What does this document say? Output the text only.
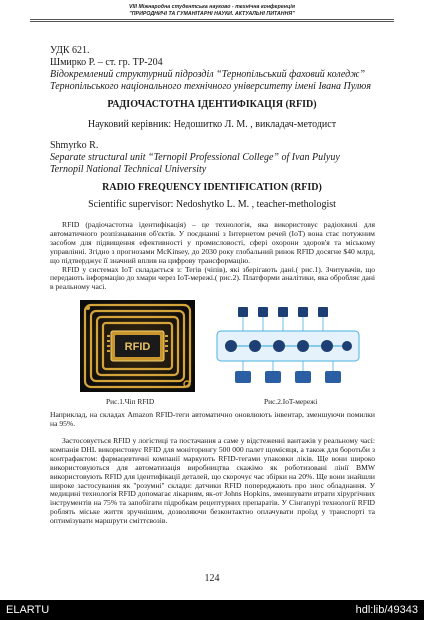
VIII Міжнародна студентська науково - технічна конференція
"ПРИРОДНИЧІ ТА ГУМАНІТАРНІ НАУКИ. АКТУАЛЬНІ ПИТАННЯ"
УДК 621.
Шмирко Р. – ст. гр. ТР-204
Відокремлений структурний підрозділ “Тернопільський фаховий коледж”
Тернопільського національного технічного університету імені Івана Пулюя
РАДІОЧАСТОТНА ІДЕНТИФІКАЦІЯ (RFID)
Науковий керівник: Недошитко Л. М. , викладач-методист
Shmyrko R.
Separate structural unit “Ternopil Professional College” of Ivan Pulyuy
Ternopil National Technical University
RADIO FREQUENCY IDENTIFICATION (RFID)
Scientific supervisor: Nedoshytko L. M. , teacher-methologist

RFID (радіочастотна ідентифікація) – це технологія, яка використовує радіохвилі для автоматичного розпізнавання об'єктів. У поєднанні з Інтернетом речей (IoT) вона стає потужним засобом для підвищення ефективності у промисловості, сфері охорони здоров'я та міському управлінні. Згідно з прогнозами McKinsey, до 2030 року глобальний ринок RFID досягне $40 млрд, що підтверджує її значний вплив на цифрову трансформацію.

RFID у системах IoT складається з: Тегів (чіпів), які зберігають дані.( рис.1). Зчитувачів, що передають інформацію до хмари через IoT-мережі.( рис.2). Платформи аналітики, яка обробляє дані в реальному часі.

RFID
Рис.1.Чіп RFID	Рис.2.IoT-мережі

Наприклад, на складах Amazon RFID-теги автоматично оновлюють інвентар, зменшуючи помилки на 95%.

Застосовується RFID у логістиці та постачання а саме у відстеженні вантажів у реальному часі: компанія DHL використовує RFID для моніторингу 500 000 палет щомісяця, а також для боротьби з контрафактом: фармацевтичні компанії маркують RFID-тегами упаковки ліків. Ще вони широко використовуються для автоматизація виробництва скажімо як роботизовані лінії BMW використовують RFID для ідентифікації деталей, що скорочує час збірки на 20%. Ще вони знайшли широке застосування як "розумні" склади: датчики RFID попереджають про знос обладнання. У медицині технологія RFID допомагає лікарням, як-от Johns Hopkins, зменшувати втрати хірургічних інструментів на 75% та запобігати підробкам рецептурних препаратів. У Сінгапурі технології RFID роблять міське життя зручнішим, дозволяючи безконтактно оплачувати проїзд у транспорті та оптимізувати маршрути сміттєвозів.

124
ELARTU	hdl:lib/49343
